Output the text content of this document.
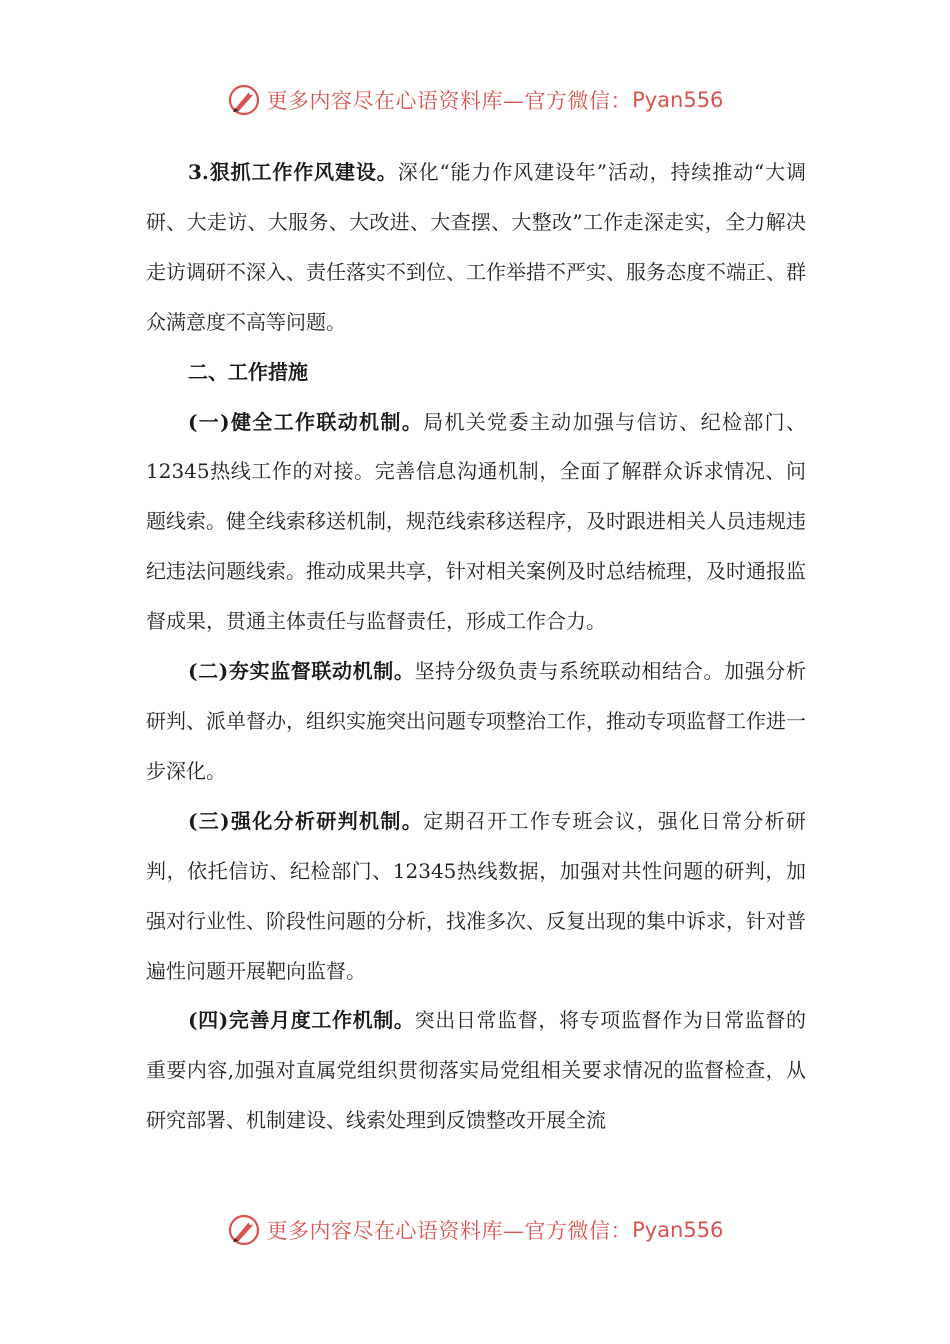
更多内容尽在心语资料库—官方微信： Pyan556

3.狠抓工作作风建设。深化“能力作风建设年”活动，持续推动“大调研、大走访、大服务、大改进、大查摆、大整改”工作走深走实，全力解决走访调研不深入、责任落实不到位、工作举措不严实、服务态度不端正、群众满意度不高等问题。

二、工作措施

(一)健全工作联动机制。局机关党委主动加强与信访、纪检部门、12345热线工作的对接。完善信息沟通机制，全面了解群众诉求情况、问题线索。健全线索移送机制，规范线索移送程序，及时跟进相关人员违规违纪违法问题线索。推动成果共享，针对相关案例及时总结梳理，及时通报监督成果，贯通主体责任与监督责任，形成工作合力。

(二)夯实监督联动机制。坚持分级负责与系统联动相结合。加强分析研判、派单督办，组织实施突出问题专项整治工作，推动专项监督工作进一步深化。

(三)强化分析研判机制。定期召开工作专班会议，强化日常分析研判，依托信访、纪检部门、12345热线数据，加强对共性问题的研判，加强对行业性、阶段性问题的分析，找准多次、反复出现的集中诉求，针对普遍性问题开展靶向监督。

(四)完善月度工作机制。突出日常监督，将专项监督作为日常监督的重要内容,加强对直属党组织贯彻落实局党组相关要求情况的监督检查，从研究部署、机制建设、线索处理到反馈整改开展全流

更多内容尽在心语资料库—官方微信： Pyan556
